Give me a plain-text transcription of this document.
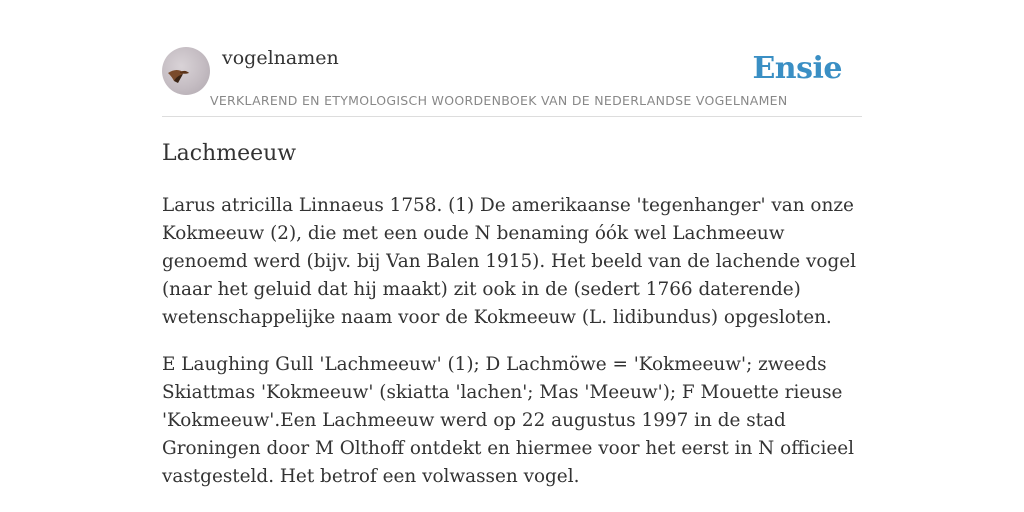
vogelnamen
VERKLAREND EN ETYMOLOGISCH WOORDENBOEK VAN DE NEDERLANDSE VOGELNAMEN
Ensie
Lachmeeuw

Larus atricilla Linnaeus 1758. (1) De amerikaanse 'tegenhanger' van onze Kokmeeuw (2), die met een oude N benaming óók wel Lachmeeuw genoemd werd (bijv. bij Van Balen 1915). Het beeld van de lachende vogel (naar het geluid dat hij maakt) zit ook in de (sedert 1766 daterende) wetenschappelijke naam voor de Kokmeeuw (L. lidibundus) opgesloten.

E Laughing Gull 'Lachmeeuw' (1); D Lachmöwe = 'Kokmeeuw'; zweeds Skiattmas 'Kokmeeuw' (skiatta 'lachen'; Mas 'Meeuw'); F Mouette rieuse 'Kokmeeuw'.Een Lachmeeuw werd op 22 augustus 1997 in de stad Groningen door M Olthoff ontdekt en hiermee voor het eerst in N officieel vastgesteld. Het betrof een volwassen vogel.
